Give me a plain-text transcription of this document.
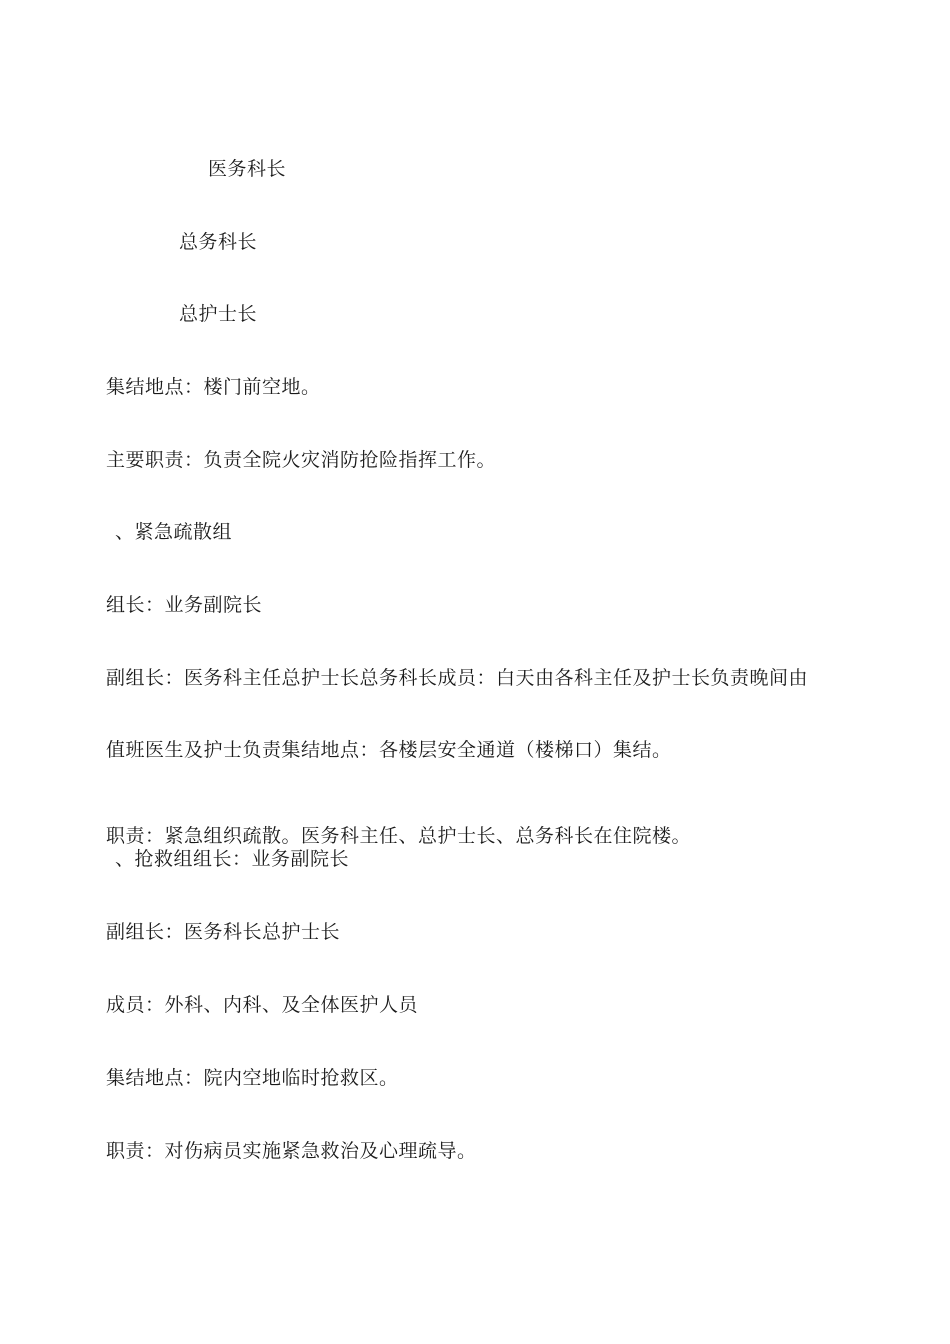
医务科长
总务科长
总护士长
集结地点：楼门前空地。
主要职责：负责全院火灾消防抢险指挥工作。
、紧急疏散组
组长：业务副院长
副组长：医务科主任总护士长总务科长成员：白天由各科主任及护士长负责晚间由
值班医生及护士负责集结地点：各楼层安全通道（楼梯口）集结。
职责：紧急组织疏散。医务科主任、总护士长、总务科长在住院楼。
、抢救组组长：业务副院长
副组长：医务科长总护士长
成员：外科、内科、及全体医护人员
集结地点：院内空地临时抢救区。
职责：对伤病员实施紧急救治及心理疏导。
